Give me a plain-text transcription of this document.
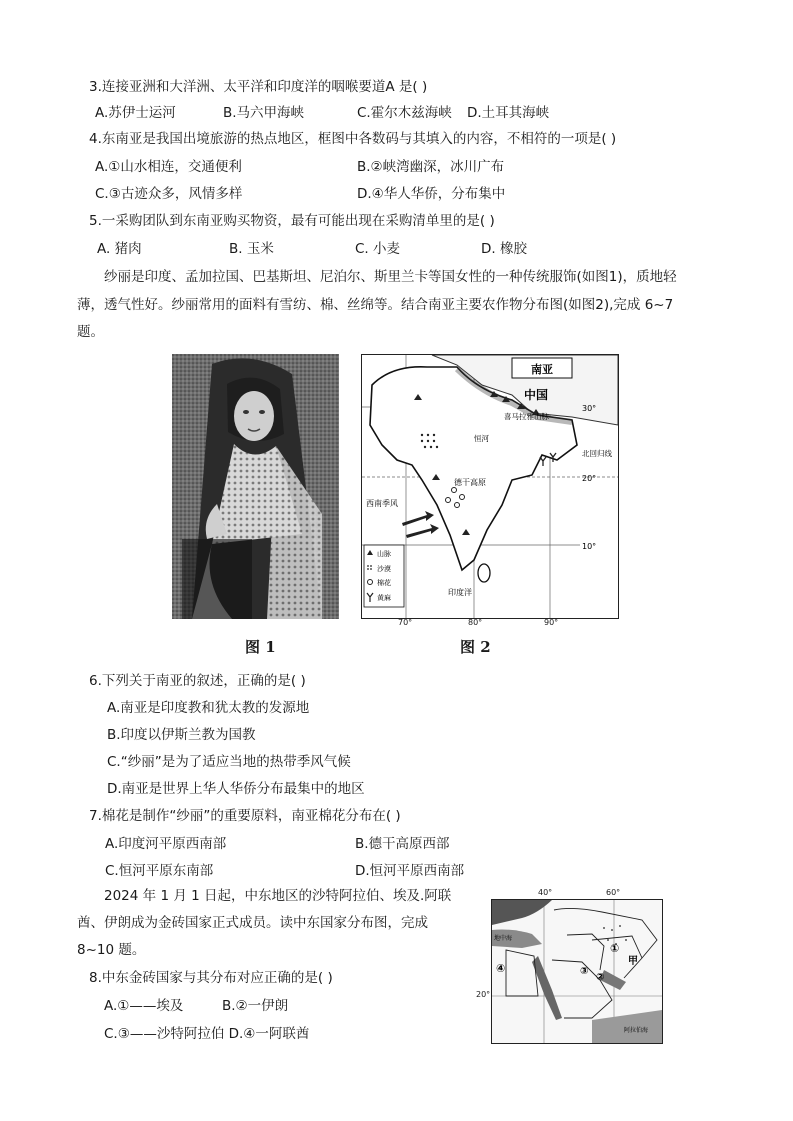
3.连接亚洲和大洋洲、太平洋和印度洋的咽喉要道A 是( )
A.苏伊士运河	B.马六甲海峡	C.霍尔木兹海峡 D.土耳其海峡
4.东南亚是我国出境旅游的热点地区，框图中各数码与其填入的内容，不相符的一项是( )
A.①山水相连，交通便利	B.②峡湾幽深，冰川广布
C.③古迹众多，风情多样	D.④华人华侨，分布集中
5.一采购团队到东南亚购买物资，最有可能出现在采购清单里的是( )
A. 猪肉	B. 玉米	C. 小麦	D. 橡胶
纱丽是印度、孟加拉国、巴基斯坦、尼泊尔、斯里兰卡等国女性的一种传统服饰(如图1)，质地轻
薄，透气性好。纱丽常用的面料有雪纺、棉、丝绵等。结合南亚主要农作物分布图(如图2),完成 6~7
题。
图 1
南亚
中国
喜马拉雅山脉
北回归线
恒河
德干高原
西南季风
印度洋
30°
20°
10°
山脉
沙漠
棉花
黄麻
70°	80°	90°
图 2
6.下列关于南亚的叙述，正确的是( )
A.南亚是印度教和犹太教的发源地
B.印度以伊斯兰教为国教
C.“纱丽”是为了适应当地的热带季风气候
D.南亚是世界上华人华侨分布最集中的地区
7.棉花是制作“纱丽”的重要原料，南亚棉花分布在( )
A.印度河平原西南部	B.德干高原西部
C.恒河平原东南部	D.恒河平原西南部
2024 年 1 月 1 日起，中东地区的沙特阿拉伯、埃及.阿联
酋、伊朗成为金砖国家正式成员。读中东国家分布图，完成
8~10 题。
8.中东金砖国家与其分布对应正确的是( )
A.①——埃及	B.②一伊朗
C.③——沙特阿拉伯 D.④一阿联酋
①
②
③
④
甲
地中海
阿拉伯海
40°	60°
20°
